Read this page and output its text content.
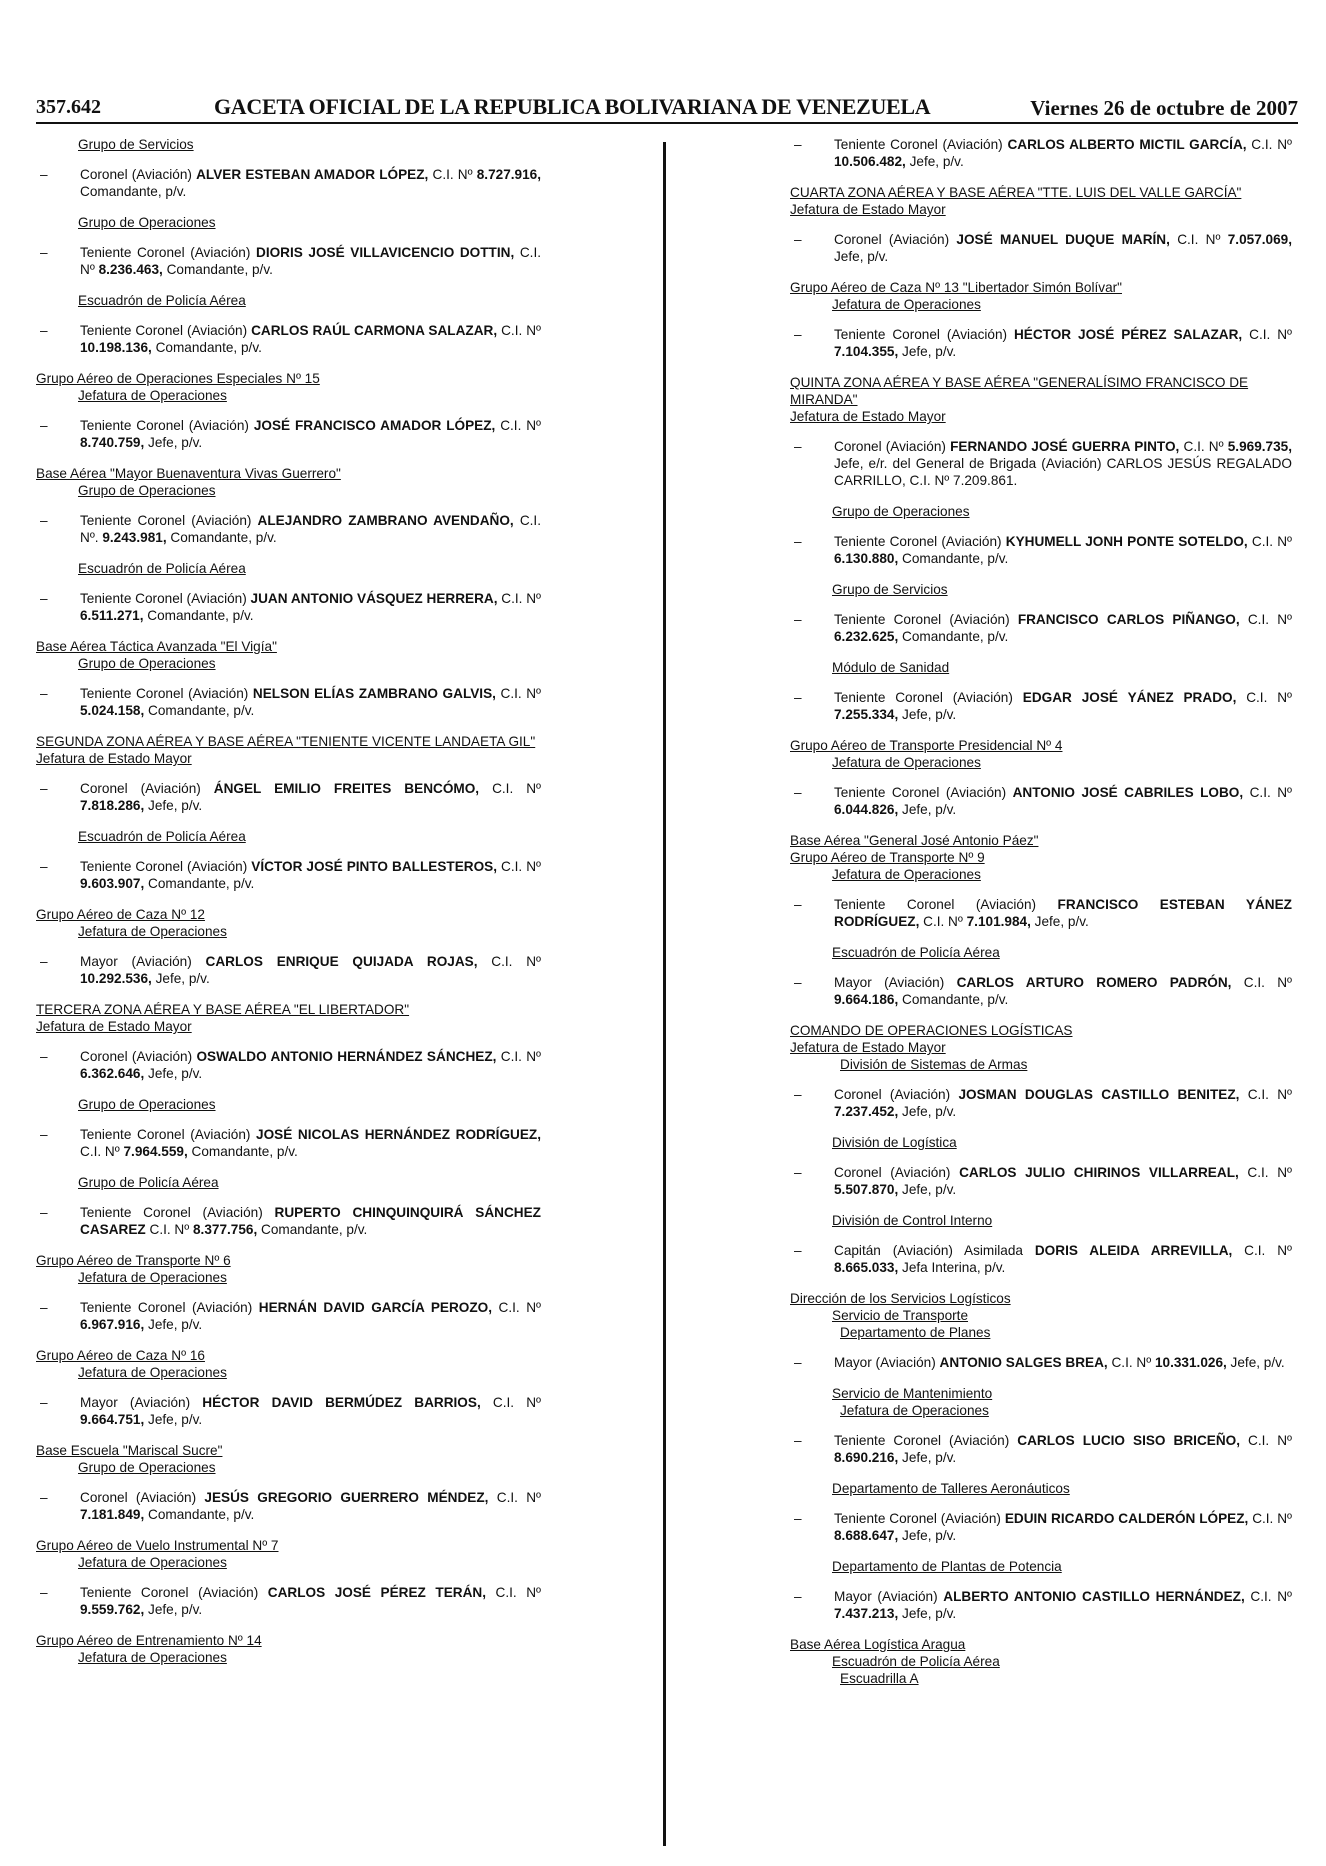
357.642	GACETA OFICIAL DE LA REPUBLICA BOLIVARIANA DE VENEZUELA	Viernes 26 de octubre de 2007

Grupo de Servicios

– Coronel (Aviación) ALVER ESTEBAN AMADOR LÓPEZ, C.I. Nº 8.727.916, Comandante, p/v.

Grupo de Operaciones

– Teniente Coronel (Aviación) DIORIS JOSÉ VILLAVICENCIO DOTTIN, C.I. Nº 8.236.463, Comandante, p/v.

Escuadrón de Policía Aérea

– Teniente Coronel (Aviación) CARLOS RAÚL CARMONA SALAZAR, C.I. Nº 10.198.136, Comandante, p/v.

Grupo Aéreo de Operaciones Especiales Nº 15

Jefatura de Operaciones

– Teniente Coronel (Aviación) JOSÉ FRANCISCO AMADOR LÓPEZ, C.I. Nº 8.740.759, Jefe, p/v.

Base Aérea "Mayor Buenaventura Vivas Guerrero"

Grupo de Operaciones

– Teniente Coronel (Aviación) ALEJANDRO ZAMBRANO AVENDAÑO, C.I. Nº. 9.243.981, Comandante, p/v.

Escuadrón de Policía Aérea

– Teniente Coronel (Aviación) JUAN ANTONIO VÁSQUEZ HERRERA, C.I. Nº 6.511.271, Comandante, p/v.

Base Aérea Táctica Avanzada "El Vigía"

Grupo de Operaciones

– Teniente Coronel (Aviación) NELSON ELÍAS ZAMBRANO GALVIS, C.I. Nº 5.024.158, Comandante, p/v.

SEGUNDA ZONA AÉREA Y BASE AÉREA "TENIENTE VICENTE LANDAETA GIL"

Jefatura de Estado Mayor

– Coronel (Aviación) ÁNGEL EMILIO FREITES BENCÓMO, C.I. Nº 7.818.286, Jefe, p/v.

Escuadrón de Policía Aérea

– Teniente Coronel (Aviación) VÍCTOR JOSÉ PINTO BALLESTEROS, C.I. Nº 9.603.907, Comandante, p/v.

Grupo Aéreo de Caza Nº 12

Jefatura de Operaciones

– Mayor (Aviación) CARLOS ENRIQUE QUIJADA ROJAS, C.I. Nº 10.292.536, Jefe, p/v.

TERCERA ZONA AÉREA Y BASE AÉREA "EL LIBERTADOR"

Jefatura de Estado Mayor

– Coronel (Aviación) OSWALDO ANTONIO HERNÁNDEZ SÁNCHEZ, C.I. Nº 6.362.646, Jefe, p/v.

Grupo de Operaciones

– Teniente Coronel (Aviación) JOSÉ NICOLAS HERNÁNDEZ RODRÍGUEZ, C.I. Nº 7.964.559, Comandante, p/v.

Grupo de Policía Aérea

– Teniente Coronel (Aviación) RUPERTO CHINQUINQUIRÁ SÁNCHEZ CASAREZ C.I. Nº 8.377.756, Comandante, p/v.

Grupo Aéreo de Transporte Nº 6

Jefatura de Operaciones

– Teniente Coronel (Aviación) HERNÁN DAVID GARCÍA PEROZO, C.I. Nº 6.967.916, Jefe, p/v.

Grupo Aéreo de Caza Nº 16

Jefatura de Operaciones

– Mayor (Aviación) HÉCTOR DAVID BERMÚDEZ BARRIOS, C.I. Nº 9.664.751, Jefe, p/v.

Base Escuela "Mariscal Sucre"

Grupo de Operaciones

– Coronel (Aviación) JESÚS GREGORIO GUERRERO MÉNDEZ, C.I. Nº 7.181.849, Comandante, p/v.

Grupo Aéreo de Vuelo Instrumental Nº 7

Jefatura de Operaciones

– Teniente Coronel (Aviación) CARLOS JOSÉ PÉREZ TERÁN, C.I. Nº 9.559.762, Jefe, p/v.

Grupo Aéreo de Entrenamiento Nº 14

Jefatura de Operaciones

– Teniente Coronel (Aviación) CARLOS ALBERTO MICTIL GARCÍA, C.I. Nº 10.506.482, Jefe, p/v.

CUARTA ZONA AÉREA Y BASE AÉREA "TTE. LUIS DEL VALLE GARCÍA"

Jefatura de Estado Mayor

– Coronel (Aviación) JOSÉ MANUEL DUQUE MARÍN, C.I. Nº 7.057.069, Jefe, p/v.

Grupo Aéreo de Caza Nº 13 "Libertador Simón Bolívar"

Jefatura de Operaciones

– Teniente Coronel (Aviación) HÉCTOR JOSÉ PÉREZ SALAZAR, C.I. Nº 7.104.355, Jefe, p/v.

QUINTA ZONA AÉREA Y BASE AÉREA "GENERALÍSIMO FRANCISCO DE MIRANDA"

Jefatura de Estado Mayor

– Coronel (Aviación) FERNANDO JOSÉ GUERRA PINTO, C.I. Nº 5.969.735, Jefe, e/r. del General de Brigada (Aviación) CARLOS JESÚS REGALADO CARRILLO, C.I. Nº 7.209.861.

Grupo de Operaciones

– Teniente Coronel (Aviación) KYHUMELL JONH PONTE SOTELDO, C.I. Nº 6.130.880, Comandante, p/v.

Grupo de Servicios

– Teniente Coronel (Aviación) FRANCISCO CARLOS PIÑANGO, C.I. Nº 6.232.625, Comandante, p/v.

Módulo de Sanidad

– Teniente Coronel (Aviación) EDGAR JOSÉ YÁNEZ PRADO, C.I. Nº 7.255.334, Jefe, p/v.

Grupo Aéreo de Transporte Presidencial Nº 4

Jefatura de Operaciones

– Teniente Coronel (Aviación) ANTONIO JOSÉ CABRILES LOBO, C.I. Nº 6.044.826, Jefe, p/v.

Base Aérea "General José Antonio Páez"

Grupo Aéreo de Transporte Nº 9

Jefatura de Operaciones

– Teniente Coronel (Aviación) FRANCISCO ESTEBAN YÁNEZ RODRÍGUEZ, C.I. Nº 7.101.984, Jefe, p/v.

Escuadrón de Policía Aérea

– Mayor (Aviación) CARLOS ARTURO ROMERO PADRÓN, C.I. Nº 9.664.186, Comandante, p/v.

COMANDO DE OPERACIONES LOGÍSTICAS

Jefatura de Estado Mayor

División de Sistemas de Armas

– Coronel (Aviación) JOSMAN DOUGLAS CASTILLO BENITEZ, C.I. Nº 7.237.452, Jefe, p/v.

División de Logística

– Coronel (Aviación) CARLOS JULIO CHIRINOS VILLARREAL, C.I. Nº 5.507.870, Jefe, p/v.

División de Control Interno

– Capitán (Aviación) Asimilada DORIS ALEIDA ARREVILLA, C.I. Nº 8.665.033, Jefa Interina, p/v.

Dirección de los Servicios Logísticos

Servicio de Transporte

Departamento de Planes

– Mayor (Aviación) ANTONIO SALGES BREA, C.I. Nº 10.331.026, Jefe, p/v.

Servicio de Mantenimiento

Jefatura de Operaciones

– Teniente Coronel (Aviación) CARLOS LUCIO SISO BRICEÑO, C.I. Nº 8.690.216, Jefe, p/v.

Departamento de Talleres Aeronáuticos

– Teniente Coronel (Aviación) EDUIN RICARDO CALDERÓN LÓPEZ, C.I. Nº 8.688.647, Jefe, p/v.

Departamento de Plantas de Potencia

– Mayor (Aviación) ALBERTO ANTONIO CASTILLO HERNÁNDEZ, C.I. Nº 7.437.213, Jefe, p/v.

Base Aérea Logística Aragua

Escuadrón de Policía Aérea

Escuadrilla A
